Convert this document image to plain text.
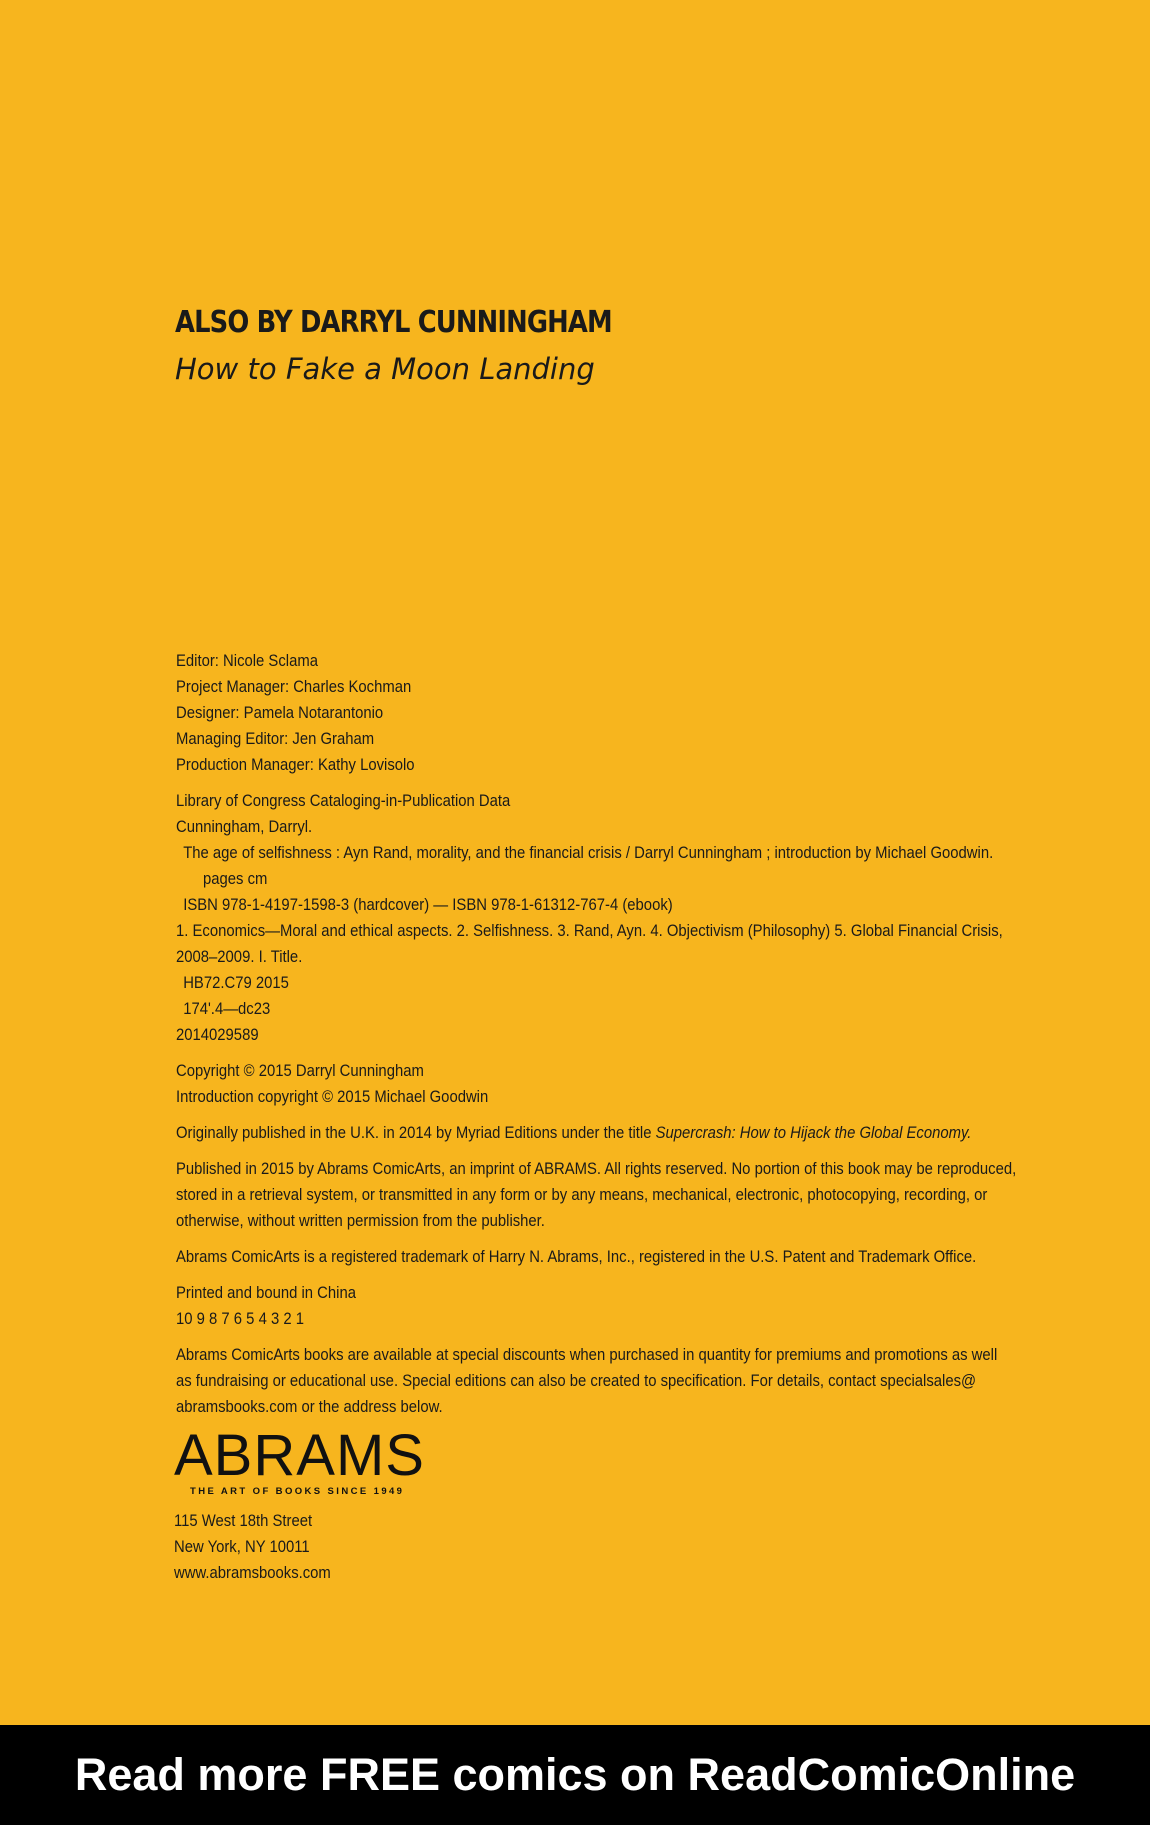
ALSO BY DARRYL CUNNINGHAM
How to Fake a Moon Landing
Editor: Nicole Sclama
Project Manager: Charles Kochman
Designer: Pamela Notarantonio
Managing Editor: Jen Graham
Production Manager: Kathy Lovisolo
Library of Congress Cataloging-in-Publication Data
Cunningham, Darryl.
The age of selfishness : Ayn Rand, morality, and the financial crisis / Darryl Cunningham ; introduction by Michael Goodwin.
pages cm
ISBN 978-1-4197-1598-3 (hardcover) — ISBN 978-1-61312-767-4 (ebook)
1. Economics—Moral and ethical aspects. 2. Selfishness. 3. Rand, Ayn. 4. Objectivism (Philosophy) 5. Global Financial Crisis,
2008–2009. I. Title.
HB72.C79 2015
174'.4—dc23
2014029589
Copyright © 2015 Darryl Cunningham
Introduction copyright © 2015 Michael Goodwin
Originally published in the U.K. in 2014 by Myriad Editions under the title Supercrash: How to Hijack the Global Economy.
Published in 2015 by Abrams ComicArts, an imprint of ABRAMS. All rights reserved. No portion of this book may be reproduced,
stored in a retrieval system, or transmitted in any form or by any means, mechanical, electronic, photocopying, recording, or
otherwise, without written permission from the publisher.
Abrams ComicArts is a registered trademark of Harry N. Abrams, Inc., registered in the U.S. Patent and Trademark Office.
Printed and bound in China
10 9 8 7 6 5 4 3 2 1
Abrams ComicArts books are available at special discounts when purchased in quantity for premiums and promotions as well
as fundraising or educational use. Special editions can also be created to specification. For details, contact specialsales@
abramsbooks.com or the address below.
ABRAMS
THE ART OF BOOKS SINCE 1949
115 West 18th Street
New York, NY 10011
www.abramsbooks.com
Read more FREE comics on ReadComicOnline
